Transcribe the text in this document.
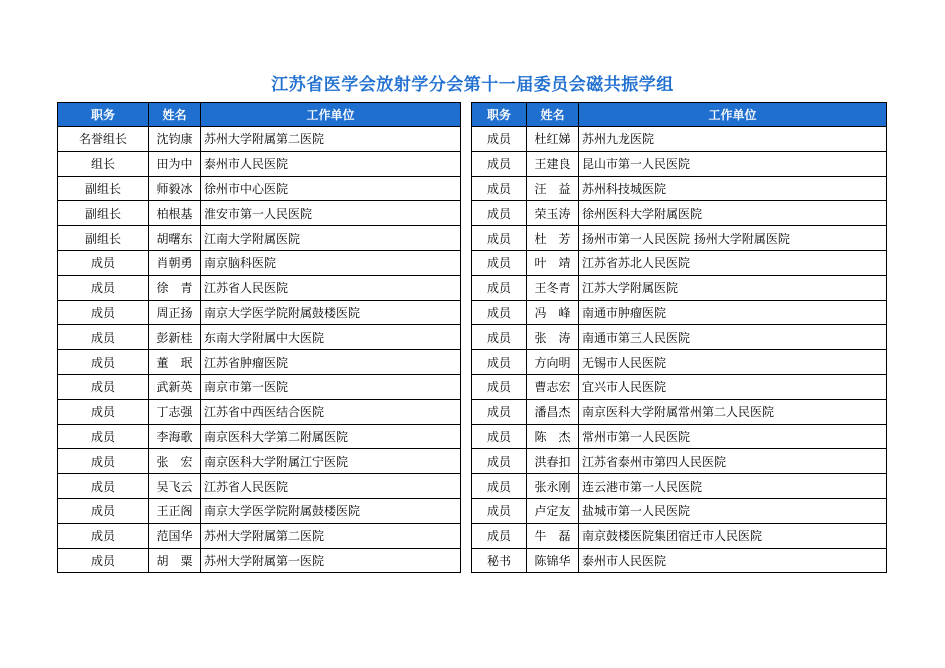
江苏省医学会放射学分会第十一届委员会磁共振学组
职务	姓名	工作单位
名誉组长	沈钧康	苏州大学附属第二医院
组长	田为中	泰州市人民医院
副组长	师毅冰	徐州市中心医院
副组长	柏根基	淮安市第一人民医院
副组长	胡曙东	江南大学附属医院
成员	肖朝勇	南京脑科医院
成员	徐　青	江苏省人民医院
成员	周正扬	南京大学医学院附属鼓楼医院
成员	彭新桂	东南大学附属中大医院
成员	董　珉	江苏省肿瘤医院
成员	武新英	南京市第一医院
成员	丁志强	江苏省中西医结合医院
成员	李海歌	南京医科大学第二附属医院
成员	张　宏	南京医科大学附属江宁医院
成员	吴飞云	江苏省人民医院
成员	王正阁	南京大学医学院附属鼓楼医院
成员	范国华	苏州大学附属第二医院
成员	胡　粟	苏州大学附属第一医院
职务	姓名	工作单位
成员	杜红娣	苏州九龙医院
成员	王建良	昆山市第一人民医院
成员	汪　益	苏州科技城医院
成员	荣玉涛	徐州医科大学附属医院
成员	杜　芳	扬州市第一人民医院 扬州大学附属医院
成员	叶　靖	江苏省苏北人民医院
成员	王冬青	江苏大学附属医院
成员	冯　峰	南通市肿瘤医院
成员	张　涛	南通市第三人民医院
成员	方向明	无锡市人民医院
成员	曹志宏	宜兴市人民医院
成员	潘昌杰	南京医科大学附属常州第二人民医院
成员	陈　杰	常州市第一人民医院
成员	洪春扣	江苏省泰州市第四人民医院
成员	张永刚	连云港市第一人民医院
成员	卢定友	盐城市第一人民医院
成员	牛　磊	南京鼓楼医院集团宿迁市人民医院
秘书	陈锦华	泰州市人民医院
